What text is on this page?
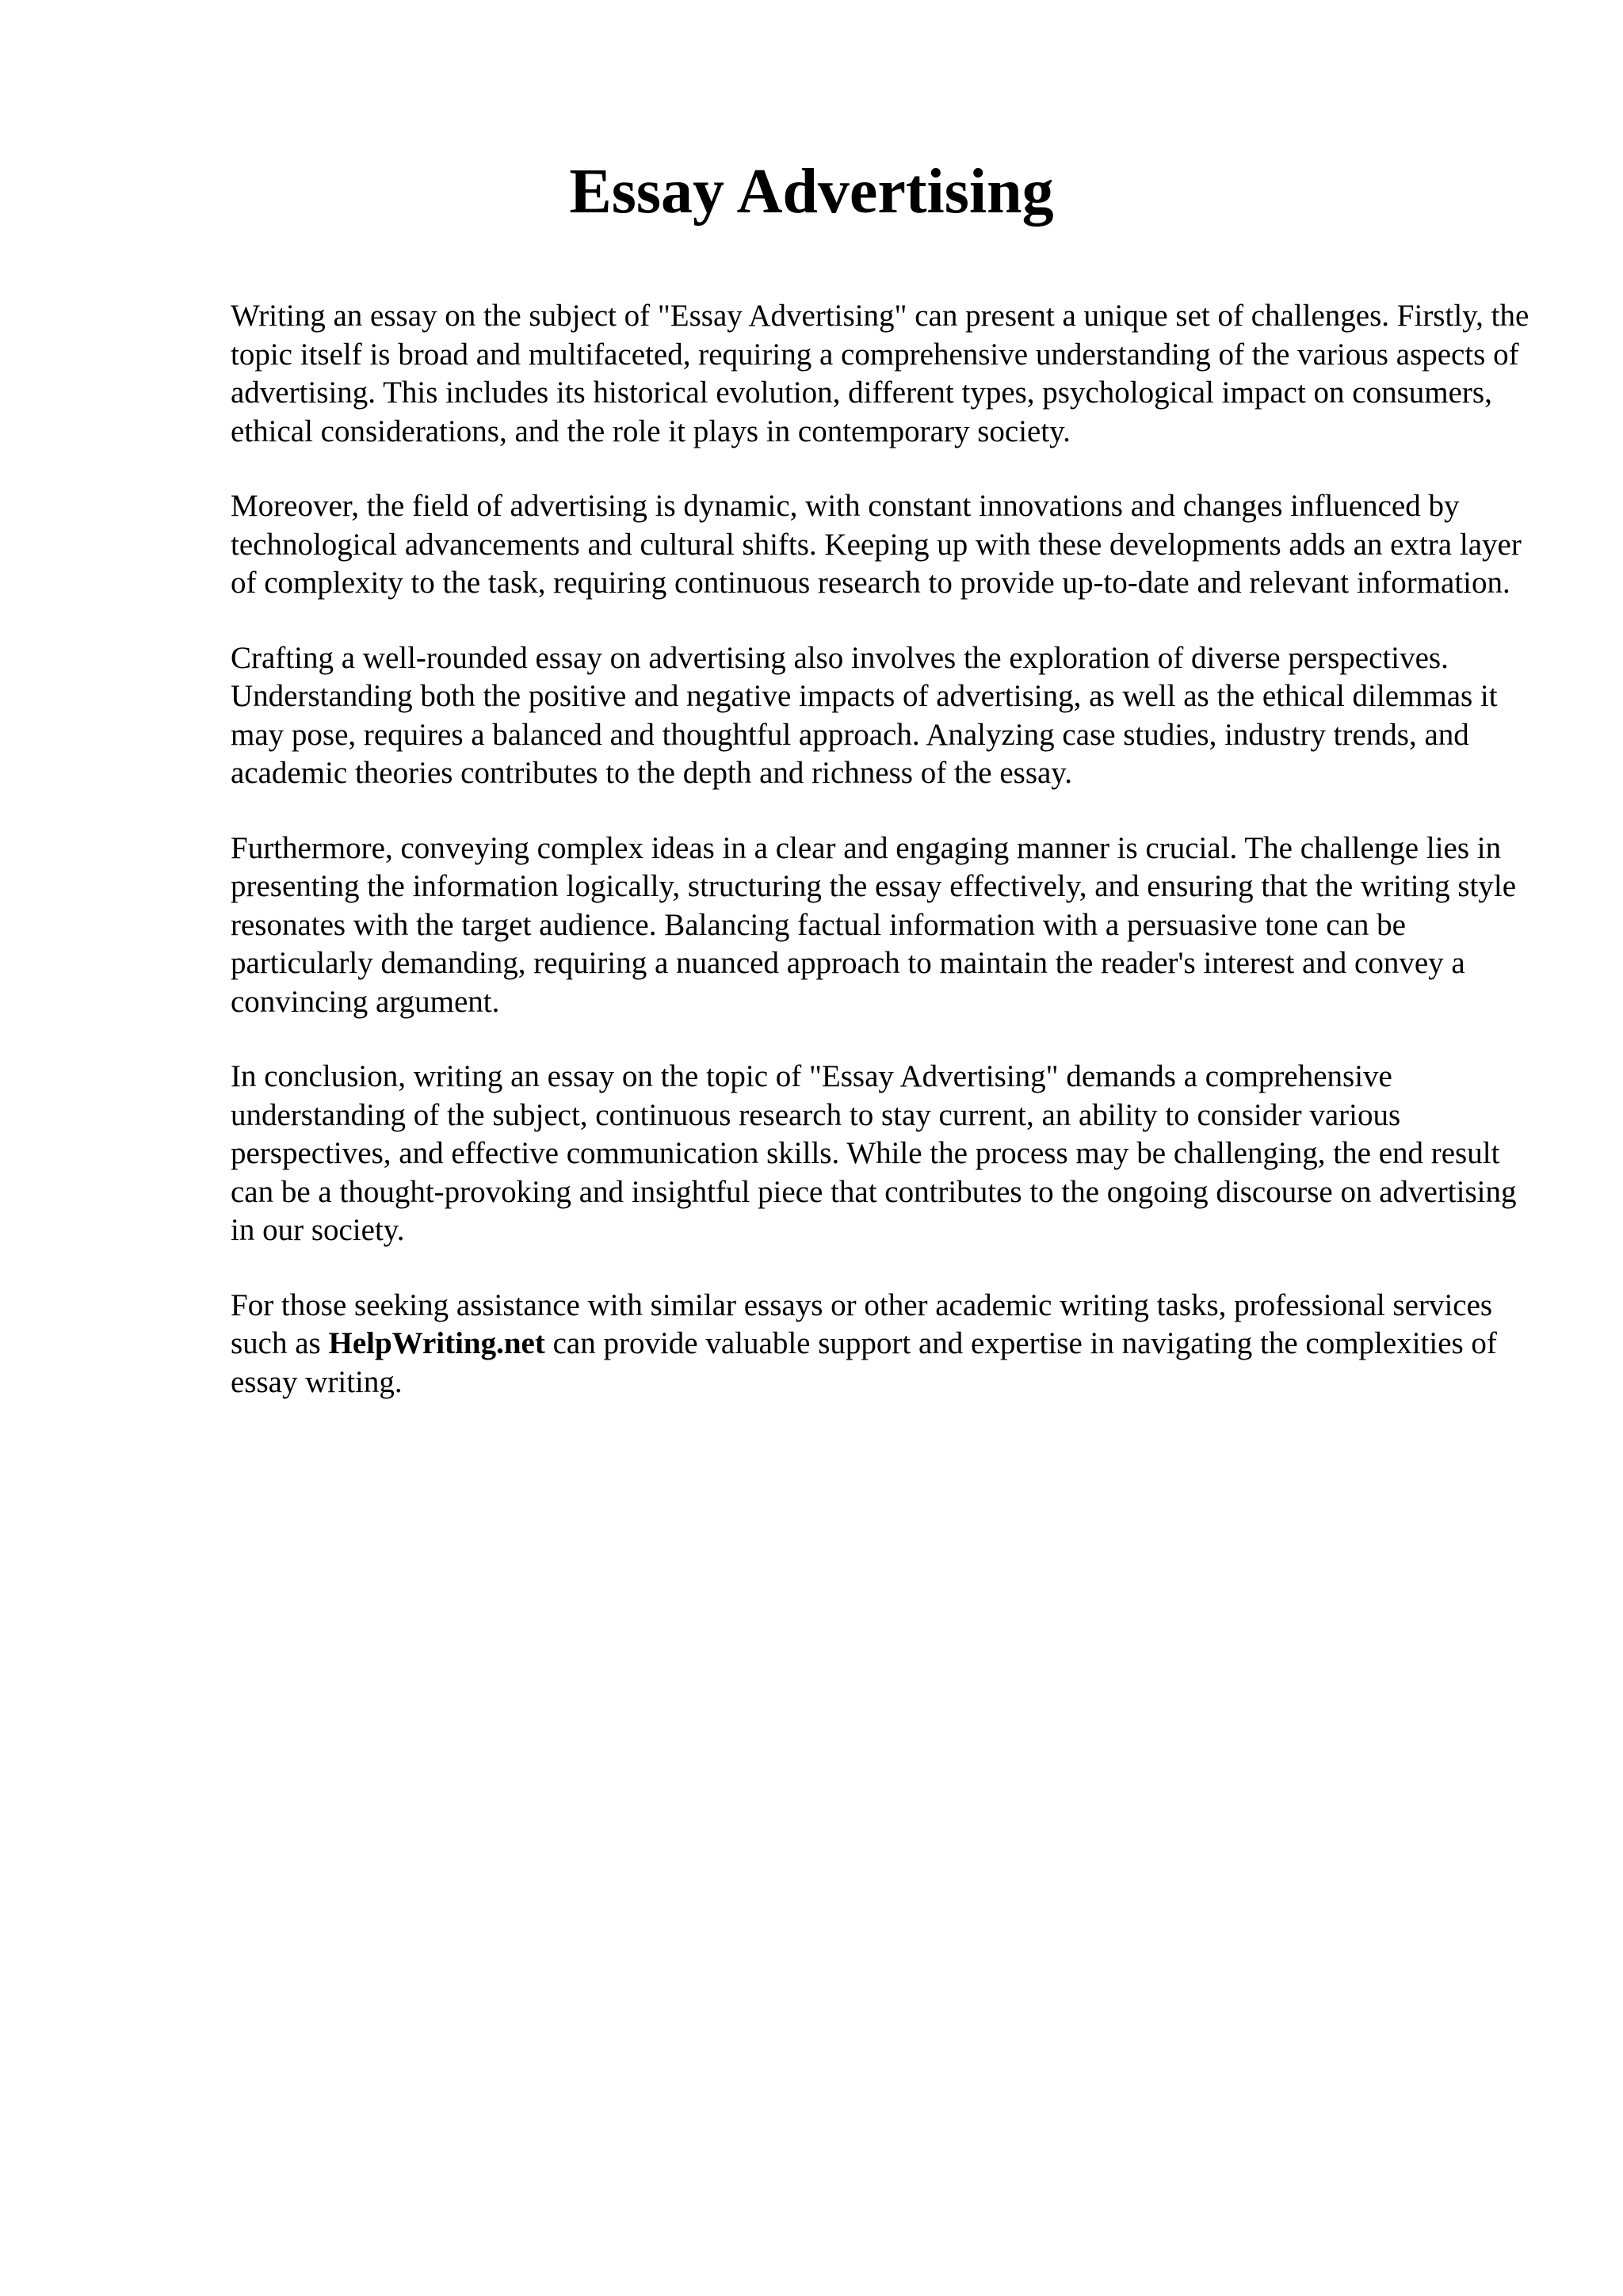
Essay Advertising

Writing an essay on the subject of "Essay Advertising" can present a unique set of challenges. Firstly, the topic itself is broad and multifaceted, requiring a comprehensive understanding of the various aspects of advertising. This includes its historical evolution, different types, psychological impact on consumers, ethical considerations, and the role it plays in contemporary society.

Moreover, the field of advertising is dynamic, with constant innovations and changes influenced by technological advancements and cultural shifts. Keeping up with these developments adds an extra layer of complexity to the task, requiring continuous research to provide up-to-date and relevant information.

Crafting a well-rounded essay on advertising also involves the exploration of diverse perspectives. Understanding both the positive and negative impacts of advertising, as well as the ethical dilemmas it may pose, requires a balanced and thoughtful approach. Analyzing case studies, industry trends, and academic theories contributes to the depth and richness of the essay.

Furthermore, conveying complex ideas in a clear and engaging manner is crucial. The challenge lies in presenting the information logically, structuring the essay effectively, and ensuring that the writing style resonates with the target audience. Balancing factual information with a persuasive tone can be particularly demanding, requiring a nuanced approach to maintain the reader's interest and convey a convincing argument.

In conclusion, writing an essay on the topic of "Essay Advertising" demands a comprehensive understanding of the subject, continuous research to stay current, an ability to consider various perspectives, and effective communication skills. While the process may be challenging, the end result can be a thought-provoking and insightful piece that contributes to the ongoing discourse on advertising in our society.

For those seeking assistance with similar essays or other academic writing tasks, professional services such as HelpWriting.net can provide valuable support and expertise in navigating the complexities of essay writing.
